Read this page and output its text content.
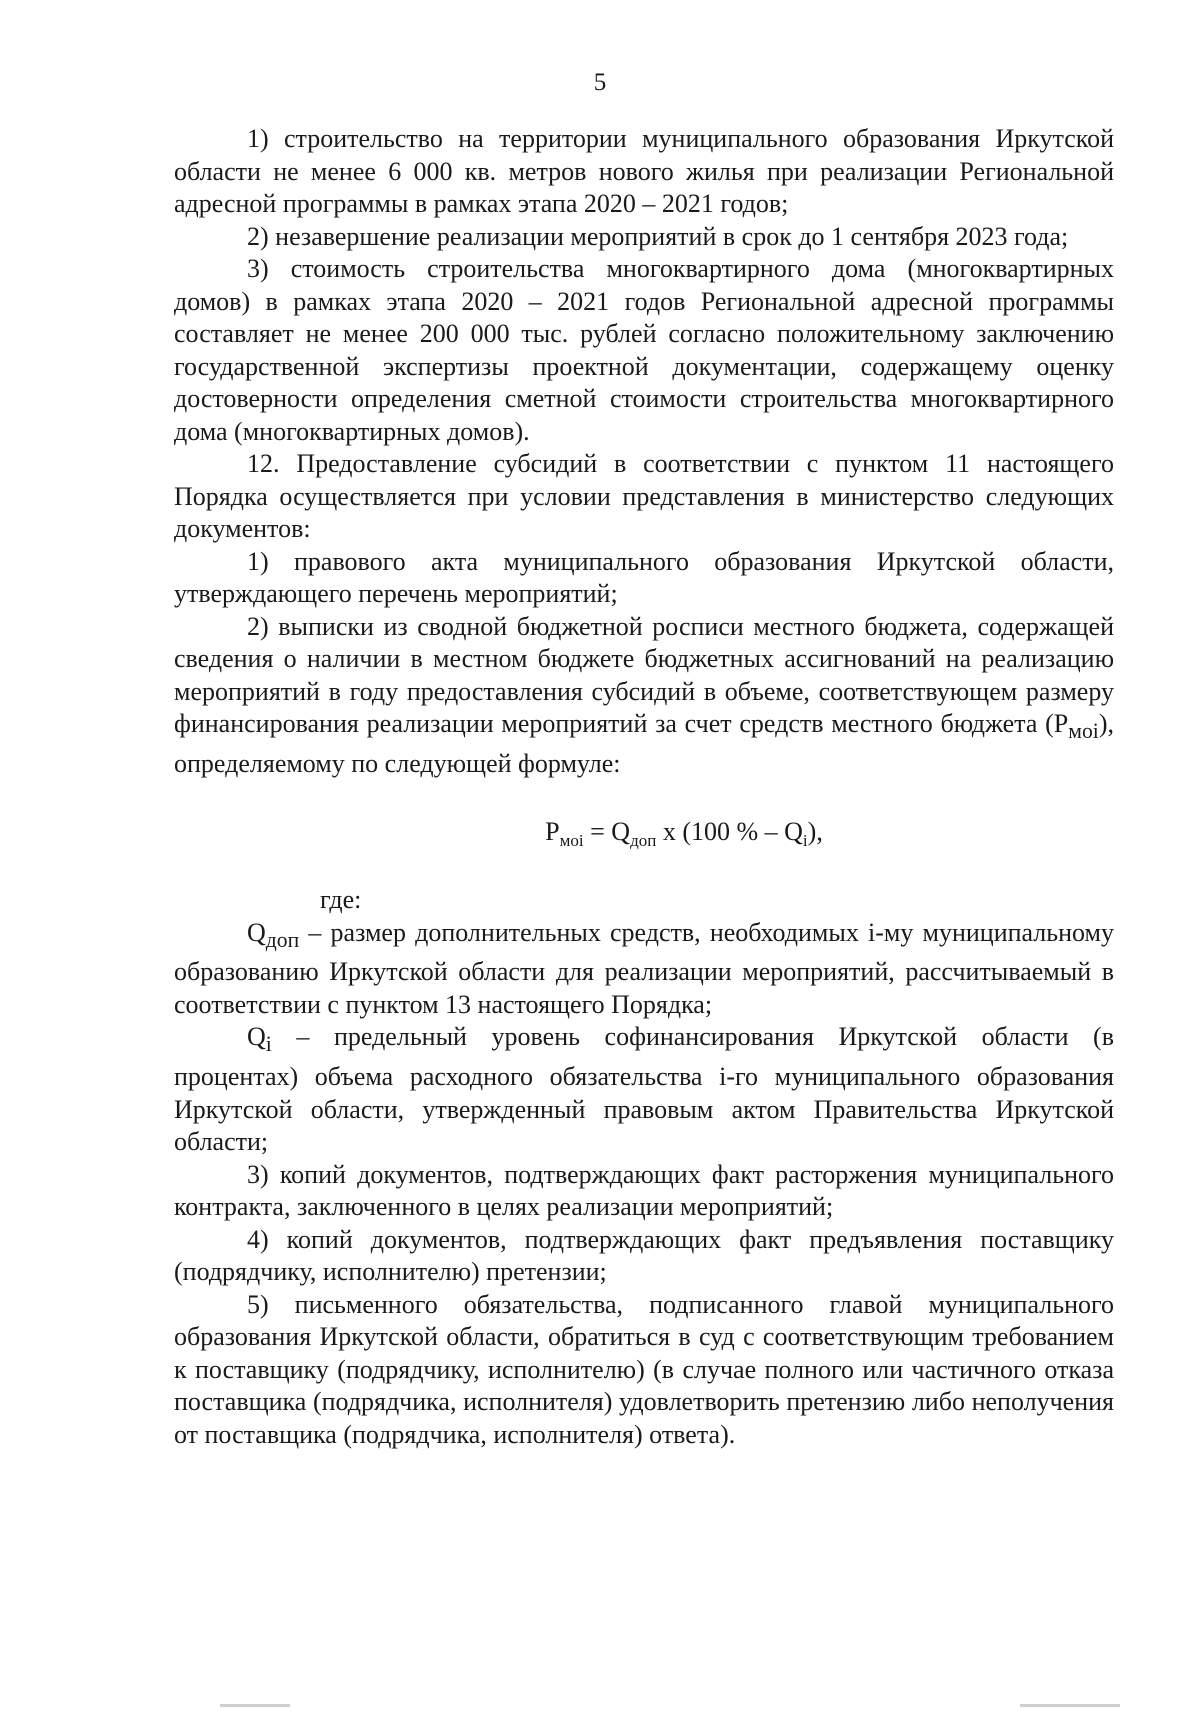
5

1) строительство на территории муниципального образования Иркутской области не менее 6 000 кв. метров нового жилья при реализации Региональной адресной программы в рамках этапа 2020 – 2021 годов;

2) незавершение реализации мероприятий в срок до 1 сентября 2023 года;

3) стоимость строительства многоквартирного дома (многоквартирных домов) в рамках этапа 2020 – 2021 годов Региональной адресной программы составляет не менее 200 000 тыс. рублей согласно положительному заключению государственной экспертизы проектной документации, содержащему оценку достоверности определения сметной стоимости строительства многоквартирного дома (многоквартирных домов).

12. Предоставление субсидий в соответствии с пунктом 11 настоящего Порядка осуществляется при условии представления в министерство следующих документов:

1) правового акта муниципального образования Иркутской области, утверждающего перечень мероприятий;

2) выписки из сводной бюджетной росписи местного бюджета, содержащей сведения о наличии в местном бюджете бюджетных ассигнований на реализацию мероприятий в году предоставления субсидий в объеме, соответствующем размеру финансирования реализации мероприятий за счет средств местного бюджета $(P_{мoi})$, определяемому по следующей формуле:

$P_{мoi} = Q_{доп}$ x (100 % – $Q_i$),

где:

$Q_{доп}$ – размер дополнительных средств, необходимых i-му муниципальному образованию Иркутской области для реализации мероприятий, рассчитываемый в соответствии с пунктом 13 настоящего Порядка;

$Q_i$ – предельный уровень софинансирования Иркутской области (в процентах) объема расходного обязательства i-го муниципального образования Иркутской области, утвержденный правовым актом Правительства Иркутской области;

3) копий документов, подтверждающих факт расторжения муниципального контракта, заключенного в целях реализации мероприятий;

4) копий документов, подтверждающих факт предъявления поставщику (подрядчику, исполнителю) претензии;

5) письменного обязательства, подписанного главой муниципального образования Иркутской области, обратиться в суд с соответствующим требованием к поставщику (подрядчику, исполнителю) (в случае полного или частичного отказа поставщика (подрядчика, исполнителя) удовлетворить претензию либо неполучения от поставщика (подрядчика, исполнителя) ответа).
